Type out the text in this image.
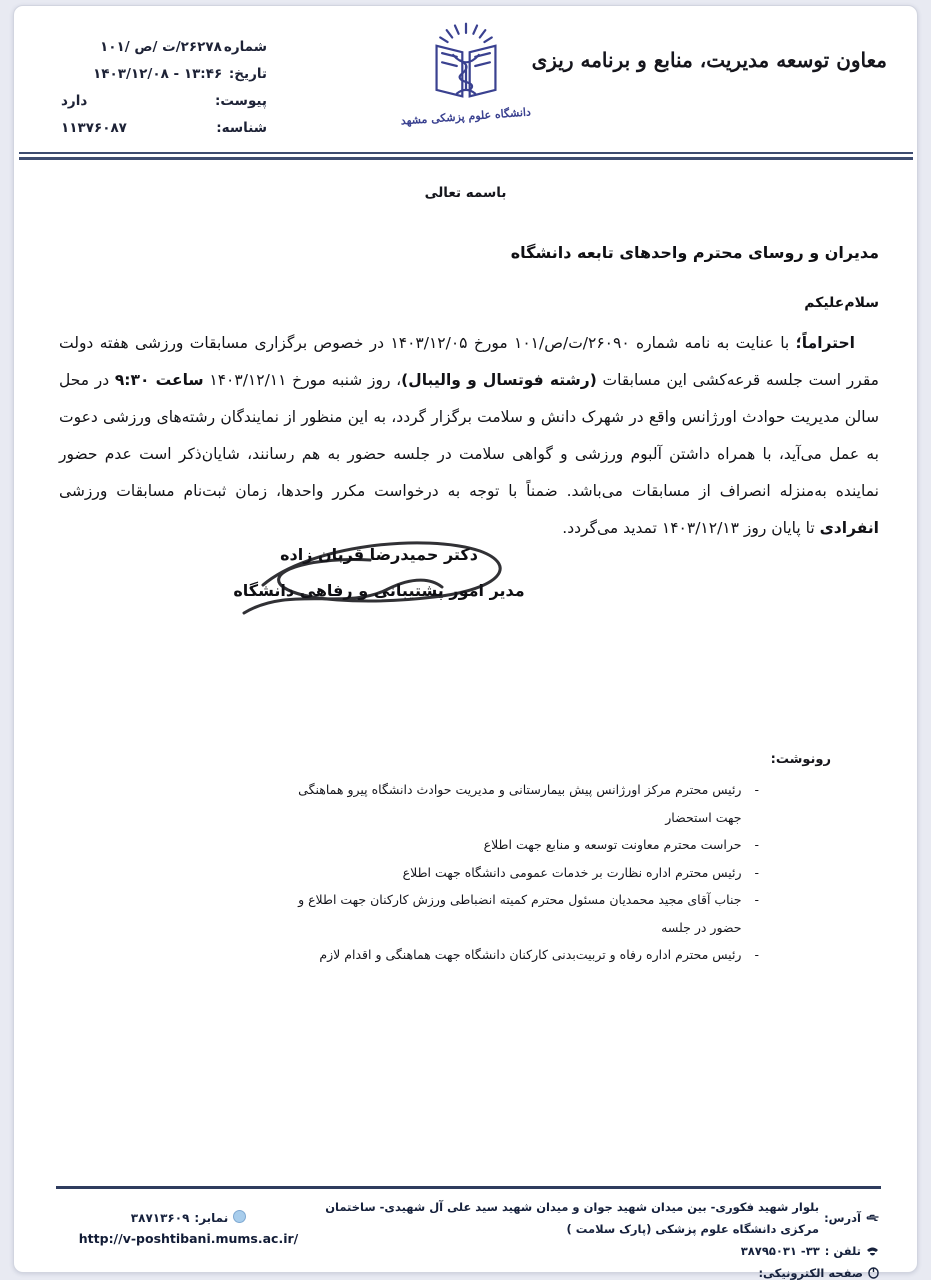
معاون توسعه مدیریت، منابع و برنامه ریزی
دانشگاه علوم پزشکی مشهد
شماره
۲۶۲۷۸/ت /ص /۱۰۱
تاریخ:

۱۳:۴۶ - ۱۴۰۳/۱۲/۰۸
پیوست:
دارد
شناسه:
۱۱۳۷۶۰۸۷
باسمه تعالی
مدیران و روسای محترم واحدهای تابعه دانشگاه
سلام‌علیکم

احتراماً؛ با عنایت به نامه شماره ۲۶۰۹۰/ت/ص/۱۰۱ مورخ ۱۴۰۳/۱۲/۰۵ در خصوص برگزاری مسابقات ورزشی هفته دولت مقرر است جلسه قرعه‌کشی این مسابقات (رشته فوتسال و والیبال)، روز شنبه مورخ ۱۴۰۳/۱۲/۱۱ ساعت ۹:۳۰ در محل سالن مدیریت حوادث اورژانس واقع در شهرک دانش و سلامت برگزار گردد، به این منظور از نمایندگان رشته‌های ورزشی دعوت به عمل می‌آید، با همراه داشتن آلبوم ورزشی و گواهی سلامت در جلسه حضور به هم رسانند، شایان‌ذکر است عدم حضور نماینده به‌منزله انصراف از مسابقات می‌باشد. ضمناً با توجه به درخواست مکرر واحدها، زمان ثبت‌نام مسابقات ورزشی انفرادی تا پایان روز ۱۴۰۳/۱۲/۱۳ تمدید می‌گردد.

دکتر حمیدرضا قربان زاده
مدیر امور پشتیبانی و رفاهی دانشگاه
رونوشت:
-
رئیس محترم مرکز اورژانس پیش بیمارستانی و مدیریت حوادث دانشگاه پیرو هماهنگی جهت استحضار
-
حراست محترم معاونت توسعه و منابع جهت اطلاع
-
رئیس محترم اداره نظارت بر خدمات عمومی دانشگاه جهت اطلاع
-
جناب آقای مجید محمدیان مسئول محترم کمیته انضباطی ورزش کارکنان جهت اطلاع و حضور در جلسه
-
رئیس محترم اداره رفاه و تربیت‌بدنی کارکنان دانشگاه جهت هماهنگی و اقدام لازم
آدرس:
بلوار شهید فکوری- بین میدان شهید جوان و میدان شهید سید علی آل شهیدی- ساختمان مرکزی دانشگاه علوم پزشکی (پارک سلامت )
تلفن :
۳۳- ۳۸۷۹۵۰۳۱
صفحه الکترونیکی:
نمابر:
۳۸۷۱۳۶۰۹
http://v-poshtibani.mums.ac.ir/
